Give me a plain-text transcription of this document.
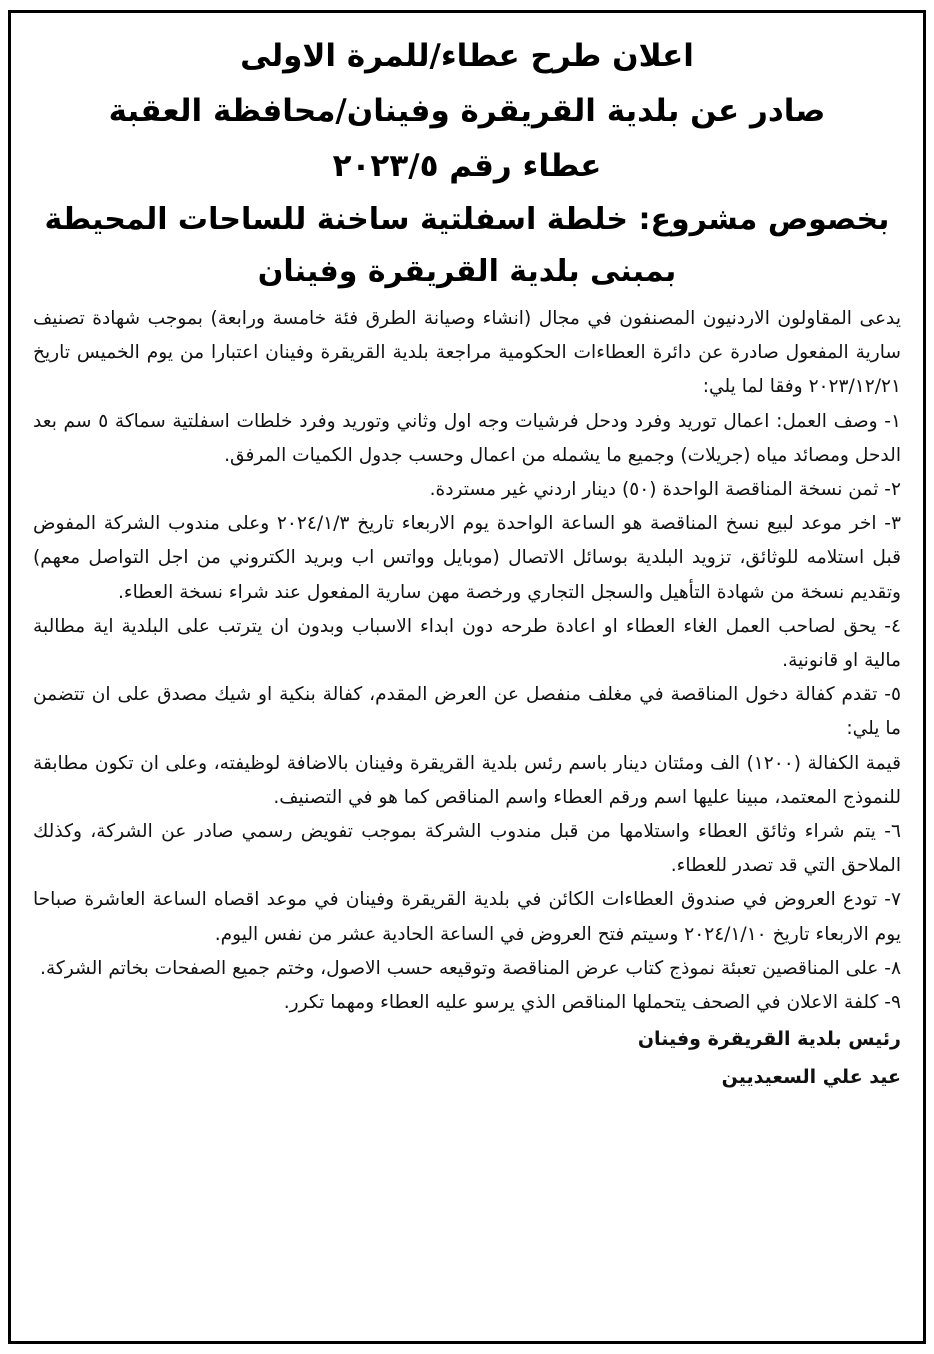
اعلان طرح عطاء/للمرة الاولى

صادر عن بلدية القريقرة وفينان/محافظة العقبة

عطاء رقم ٢٠٢٣/٥

بخصوص مشروع: خلطة اسفلتية ساخنة للساحات المحيطة

بمبنى بلدية القريقرة وفينان

يدعى المقاولون الاردنيون المصنفون في مجال (انشاء وصيانة الطرق فئة خامسة ورابعة) بموجب شهادة تصنيف سارية المفعول صادرة عن دائرة العطاءات الحكومية مراجعة بلدية القريقرة وفينان اعتبارا من يوم الخميس تاريخ ٢٠٢٣/١٢/٢١ وفقا لما يلي:

١- وصف العمل: اعمال توريد وفرد ودحل فرشيات وجه اول وثاني وتوريد وفرد خلطات اسفلتية سماكة ٥ سم بعد الدحل ومصائد مياه (جريلات) وجميع ما يشمله من اعمال وحسب جدول الكميات المرفق.

٢- ثمن نسخة المناقصة الواحدة (٥٠) دينار اردني غير مستردة.

٣- اخر موعد لبيع نسخ المناقصة هو الساعة الواحدة يوم الاربعاء تاريخ ٢٠٢٤/١/٣ وعلى مندوب الشركة المفوض قبل استلامه للوثائق، تزويد البلدية بوسائل الاتصال (موبايل وواتس اب وبريد الكتروني من اجل التواصل معهم) وتقديم نسخة من شهادة التأهيل والسجل التجاري ورخصة مهن سارية المفعول عند شراء نسخة العطاء.

٤- يحق لصاحب العمل الغاء العطاء او اعادة طرحه دون ابداء الاسباب وبدون ان يترتب على البلدية اية مطالبة مالية او قانونية.

٥- تقدم كفالة دخول المناقصة في مغلف منفصل عن العرض المقدم، كفالة بنكية او شيك مصدق على ان تتضمن ما يلي:

قيمة الكفالة (١٢٠٠) الف ومئتان دينار باسم رئس بلدية القريقرة وفينان بالاضافة لوظيفته، وعلى ان تكون مطابقة للنموذج المعتمد، مبينا عليها اسم ورقم العطاء واسم المناقص كما هو في التصنيف.

٦- يتم شراء وثائق العطاء واستلامها من قبل مندوب الشركة بموجب تفويض رسمي صادر عن الشركة، وكذلك الملاحق التي قد تصدر للعطاء.

٧- تودع العروض في صندوق العطاءات الكائن في بلدية القريقرة وفينان في موعد اقصاه الساعة العاشرة صباحا يوم الاربعاء تاريخ ٢٠٢٤/١/١٠ وسيتم فتح العروض في الساعة الحادية عشر من نفس اليوم.

٨- على المناقصين تعبئة نموذج كتاب عرض المناقصة وتوقيعه حسب الاصول، وختم جميع الصفحات بخاتم الشركة.

٩- كلفة الاعلان في الصحف يتحملها المناقص الذي يرسو عليه العطاء ومهما تكرر.

رئيس بلدية القريقرة وفينان

عيد علي السعيديين
